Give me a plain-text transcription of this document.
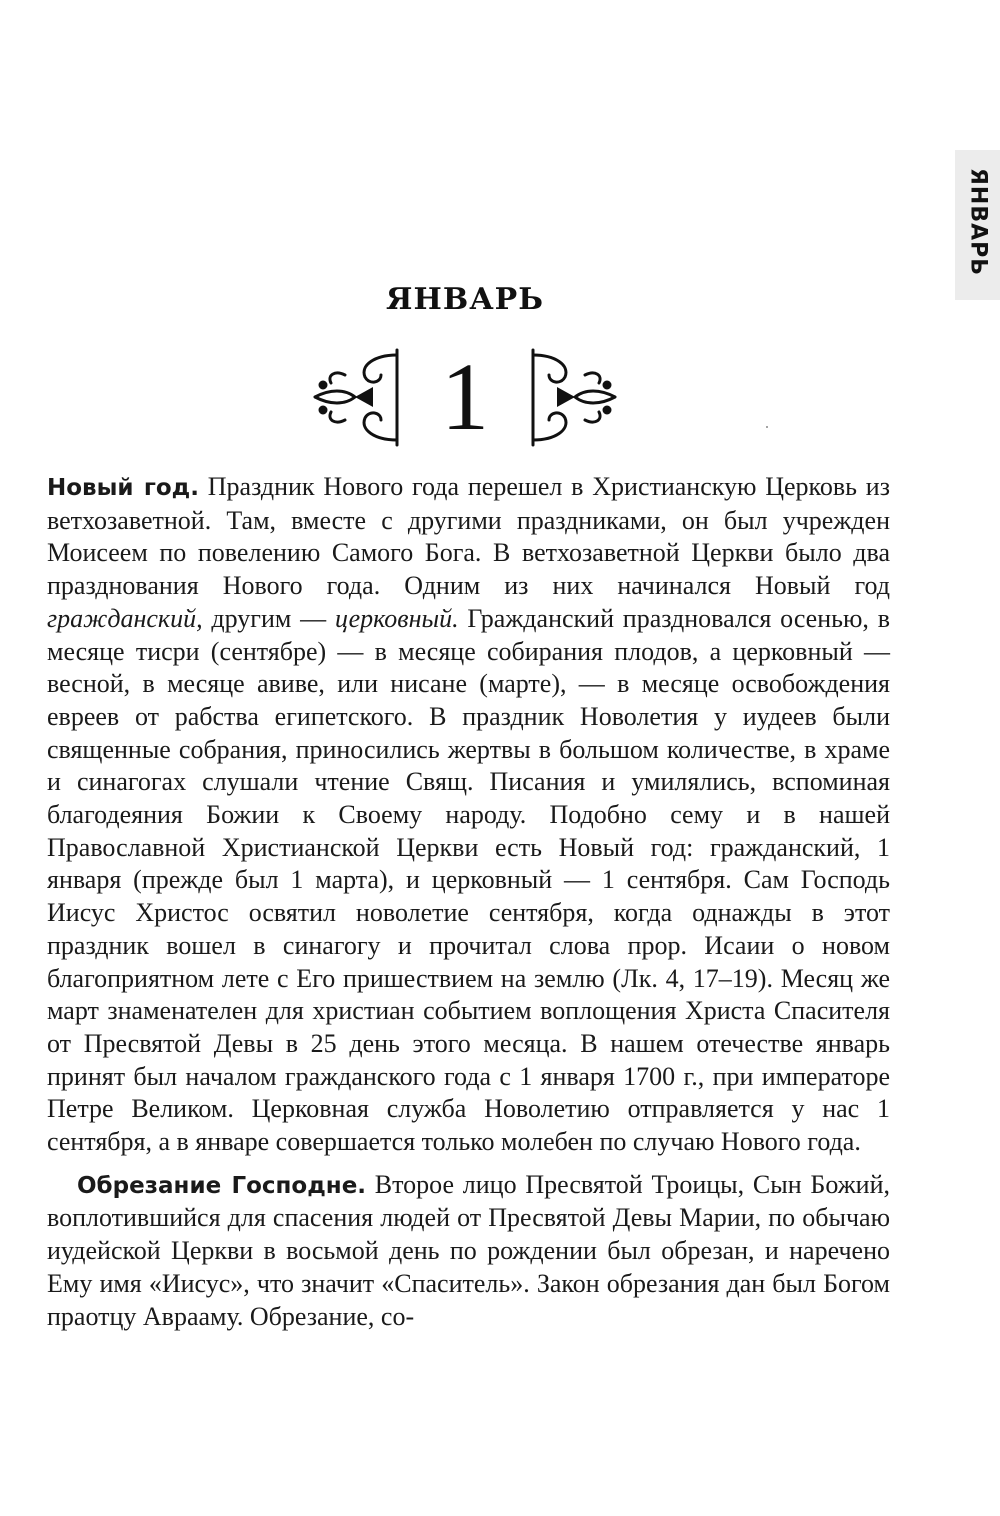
ЯНВАРЬ
ЯНВАРЬ
1

Новый год. Праздник Нового года перешел в Христианскую Церковь из ветхозаветной. Там, вместе с другими праздниками, он был учрежден Моисеем по повелению Самого Бога. В ветхозаветной Церкви было два празднования Нового года. Одним из них начинался Новый год гражданский, другим — церковный. Гражданский праздновался осенью, в месяце тисри (сентябре) — в месяце собирания плодов, а церковный — весной, в месяце авиве, или нисане (марте), — в месяце освобождения евреев от рабства египетского. В праздник Новолетия у иудеев были священные собрания, приносились жертвы в большом количестве, в храме и синагогах слушали чтение Свящ. Писания и умилялись, вспоминая благодеяния Божии к Своему народу. Подобно сему и в нашей Православной Христианской Церкви есть Новый год: гражданский, 1 января (прежде был 1 марта), и церковный — 1 сентября. Сам Господь Иисус Христос освятил новолетие сентября, когда однажды в этот праздник вошел в синагогу и прочитал слова прор. Исаии о новом благоприятном лете с Его пришествием на землю (Лк. 4, 17–19). Месяц же март знаменателен для христиан событием воплощения Христа Спасителя от Пресвятой Девы в 25 день этого месяца. В нашем отечестве январь принят был началом гражданского года с 1 января 1700 г., при императоре Петре Великом. Церковная служба Новолетию отправляется у нас 1 сентября, а в январе совершается только молебен по случаю Нового года.

Обрезание Господне. Второе лицо Пресвятой Троицы, Сын Божий, воплотившийся для спасения людей от Пресвятой Девы Марии, по обычаю иудейской Церкви в восьмой день по рождении был обрезан, и наречено Ему имя «Иисус», что значит «Спаситель». Закон обрезания дан был Богом праотцу Аврааму. Обрезание, со-
